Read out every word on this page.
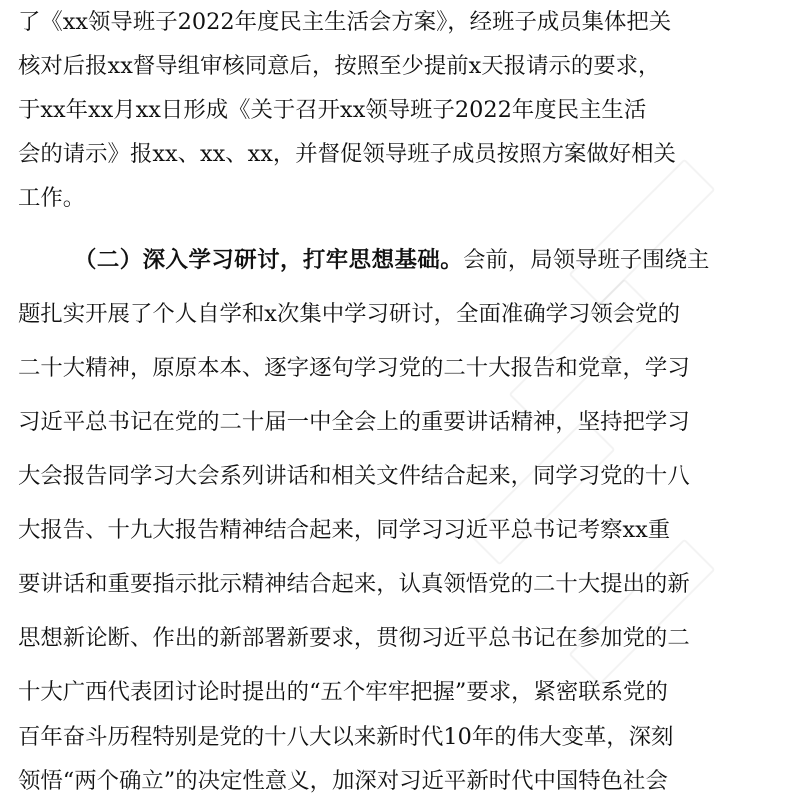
了《xx领导班子2022年度民主生活会方案》，经班子成员集体把关
核对后报xx督导组审核同意后，按照至少提前x天报请示的要求，
于xx年xx月xx日形成《关于召开xx领导班子2022年度民主生活
会的请示》报xx、xx、xx，并督促领导班子成员按照方案做好相关
工作。
（二）深入学习研讨，打牢思想基础。会前，局领导班子围绕主
题扎实开展了个人自学和x次集中学习研讨，全面准确学习领会党的
二十大精神，原原本本、逐字逐句学习党的二十大报告和党章，学习
习近平总书记在党的二十届一中全会上的重要讲话精神，坚持把学习
大会报告同学习大会系列讲话和相关文件结合起来，同学习党的十八
大报告、十九大报告精神结合起来，同学习习近平总书记考察xx重
要讲话和重要指示批示精神结合起来，认真领悟党的二十大提出的新
思想新论断、作出的新部署新要求，贯彻习近平总书记在参加党的二
十大广西代表团讨论时提出的“五个牢牢把握”要求，紧密联系党的
百年奋斗历程特别是党的十八大以来新时代10年的伟大变革，深刻
领悟“两个确立”的决定性意义，加深对习近平新时代中国特色社会
